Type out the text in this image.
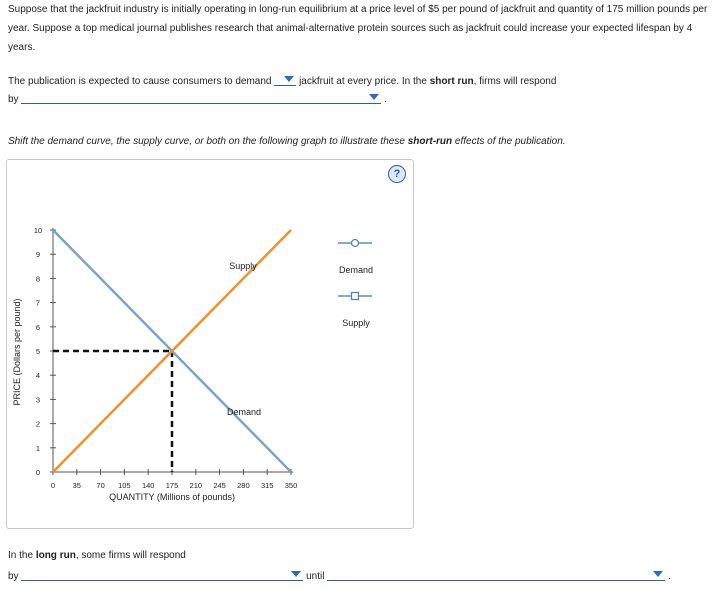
Suppose that the jackfruit industry is initially operating in long-run equilibrium at a price level of $5 per pound of jackfruit and quantity of 175 million pounds per year. Suppose a top medical journal publishes research that animal-alternative protein sources such as jackfruit could increase your expected lifespan by 4 years.
The publication is expected to cause consumers to demand	jackfruit at every price. In the short run, firms will respond
by	.
Shift the demand curve, the supply curve, or both on the following graph to illustrate these short-run effects of the publication.
?
PRICE (Dollars per pound)
QUANTITY (Millions of pounds)
0
1
2
3
4
5
6
7
8
9
10
0 35 70 105 140 175 210 245 280 315 350
Demand
Supply	Demand
Supply
In the long run, some firms will respond
by	until	.
